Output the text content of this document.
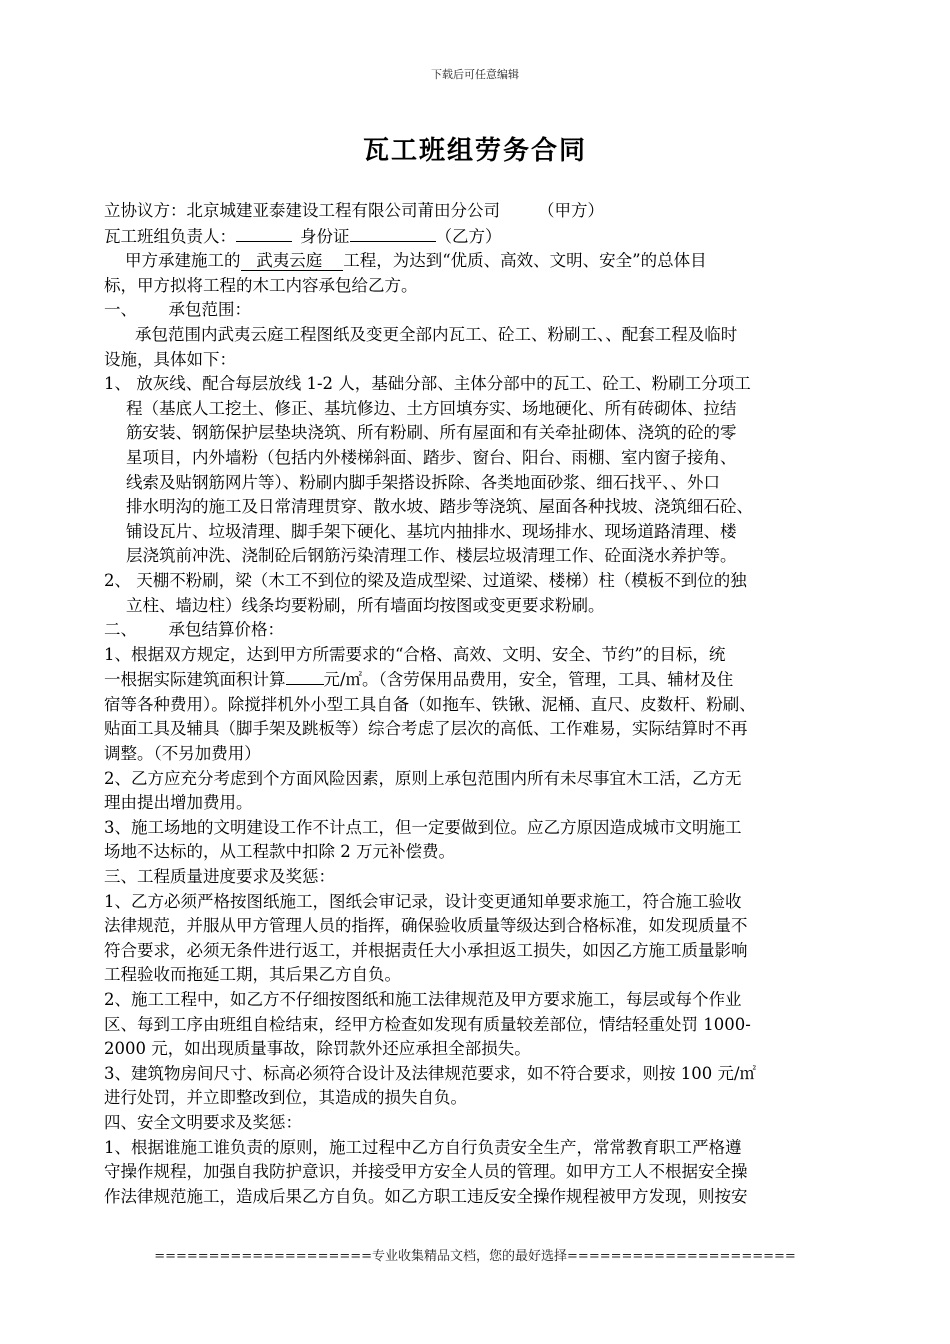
下载后可任意编辑
瓦工班组劳务合同
立协议方：北京城建亚泰建设工程有限公司莆田分公司 （甲方）
瓦工班组负责人：	身份证	（乙方）
甲方承建施工的 武夷云庭 工程，为达到“优质、高效、文明、安全”的总体目
标，甲方拟将工程的木工内容承包给乙方。
一、      承包范围：
承包范围内武夷云庭工程图纸及变更全部内瓦工、砼工、粉刷工、、配套工程及临时
设施，具体如下：
1、 放灰线、配合每层放线 1-2 人，基础分部、主体分部中的瓦工、砼工、粉刷工分项工
程（基底人工挖土、修正、基坑修边、土方回填夯实、场地硬化、所有砖砌体、拉结
筋安装、钢筋保护层垫块浇筑、所有粉刷、所有屋面和有关牵扯砌体、浇筑的砼的零
星项目，内外墙粉（包括内外楼梯斜面、踏步、窗台、阳台、雨棚、室内窗子接角、
线索及贴钢筋网片等）、粉刷内脚手架搭设拆除、各类地面砂浆、细石找平、、外口
排水明沟的施工及日常清理贯穿、散水坡、踏步等浇筑、屋面各种找坡、浇筑细石砼、
铺设瓦片、垃圾清理、脚手架下硬化、基坑内抽排水、现场排水、现场道路清理、楼
层浇筑前冲洗、浇制砼后钢筋污染清理工作、楼层垃圾清理工作、砼面浇水养护等。
2、 天棚不粉刷，梁（木工不到位的梁及造成型梁、过道梁、楼梯）柱（模板不到位的独
立柱、墙边柱）线条均要粉刷，所有墙面均按图或变更要求粉刷。
二、      承包结算价格：
1、根据双方规定，达到甲方所需要求的“合格、高效、文明、安全、节约”的目标，统
一根据实际建筑面积计算 元/㎡。（含劳保用品费用，安全，管理，工具、辅材及住
宿等各种费用）。除搅拌机外小型工具自备（如拖车、铁锹、泥桶、直尺、皮数杆、粉刷、
贴面工具及辅具（脚手架及跳板等）综合考虑了层次的高低、工作难易，实际结算时不再
调整。（不另加费用）
2、乙方应充分考虑到个方面风险因素，原则上承包范围内所有未尽事宜木工活，乙方无
理由提出增加费用。
3、施工场地的文明建设工作不计点工，但一定要做到位。应乙方原因造成城市文明施工
场地不达标的，从工程款中扣除 2 万元补偿费。
三、工程质量进度要求及奖惩：
1、乙方必须严格按图纸施工，图纸会审记录，设计变更通知单要求施工，符合施工验收
法律规范，并服从甲方管理人员的指挥，确保验收质量等级达到合格标准，如发现质量不
符合要求，必须无条件进行返工，并根据责任大小承担返工损失，如因乙方施工质量影响
工程验收而拖延工期，其后果乙方自负。
2、施工工程中，如乙方不仔细按图纸和施工法律规范及甲方要求施工，每层或每个作业
区、每到工序由班组自检结束，经甲方检查如发现有质量较差部位，情结轻重处罚 1000-
2000 元，如出现质量事故，除罚款外还应承担全部损失。
3、建筑物房间尺寸、标高必须符合设计及法律规范要求，如不符合要求，则按 100 元/㎡
进行处罚，并立即整改到位，其造成的损失自负。
四、安全文明要求及奖惩：
1、根据谁施工谁负责的原则，施工过程中乙方自行负责安全生产，常常教育职工严格遵
守操作规程，加强自我防护意识，并接受甲方安全人员的管理。如甲方工人不根据安全操
作法律规范施工，造成后果乙方自负。如乙方职工违反安全操作规程被甲方发现，则按安
====================专业收集精品文档，您的最好选择=====================
